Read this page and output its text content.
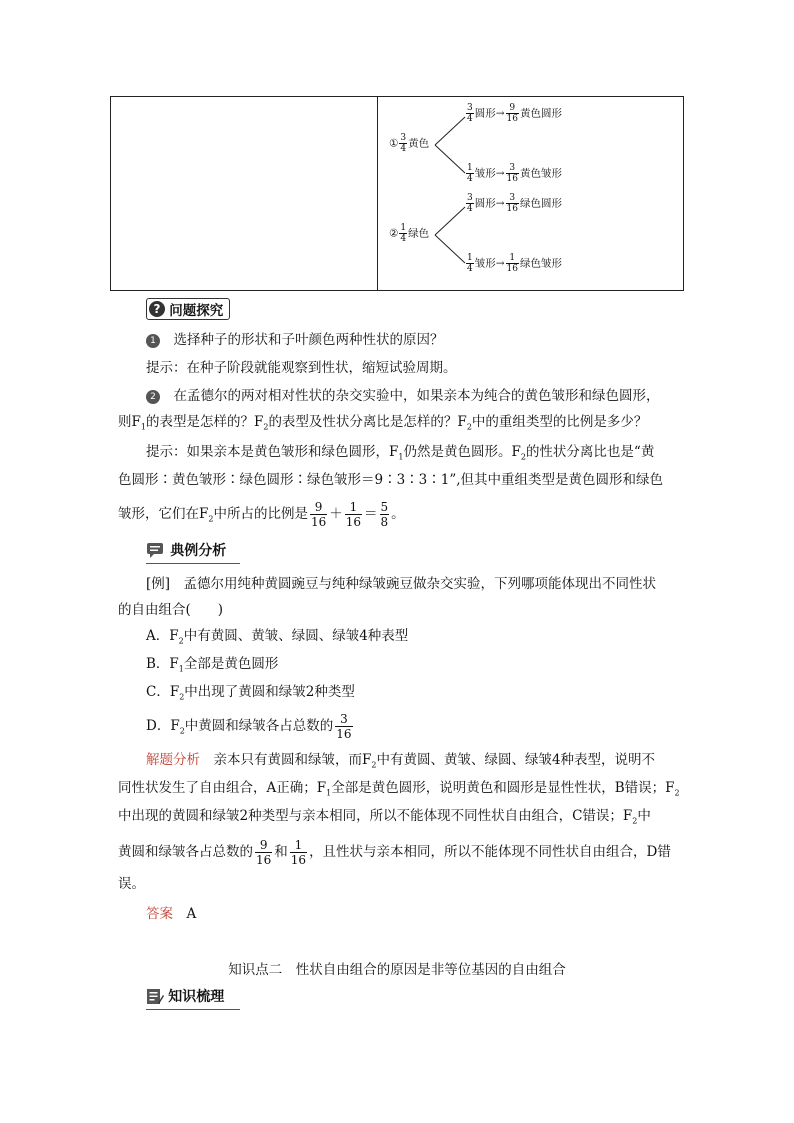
① $\frac{3}{4}$ 黄色
$\frac{3}{4}$ 圆形→ $\frac{9}{16}$ 黄色圆形
$\frac{1}{4}$ 皱形→ $\frac{3}{16}$ 黄色皱形
② $\frac{1}{4}$ 绿色
$\frac{3}{4}$ 圆形→ $\frac{3}{16}$ 绿色圆形
$\frac{1}{4}$ 皱形→ $\frac{1}{16}$ 绿色皱形
? 问题探究
1　 选择种子的形状和子叶颜色两种性状的原因？
提示：在种子阶段就能观察到性状，缩短试验周期。
2　 在孟德尔的两对相对性状的杂交实验中，如果亲本为纯合的黄色皱形和绿色圆形，
则$F_1$的表型是怎样的？$F_2$的表型及性状分离比是怎样的？$F_2$中的重组类型的比例是多少？
提示：如果亲本是黄色皱形和绿色圆形，$F_1$仍然是黄色圆形。$F_2$的性状分离比也是“黄
色圆形∶黄色皱形∶绿色圆形∶绿色皱形＝9∶3∶3∶1”,但其中重组类型是黄色圆形和绿色
皱形，它们在$F_2$中所占的比例是 $\frac{9}{16} + \frac{1}{16} = \frac{5}{8}$ 。
典例分析
[例]　孟德尔用纯种黄圆豌豆与纯种绿皱豌豆做杂交实验，下列哪项能体现出不同性状
的自由组合(　　)
A．$F_2$中有黄圆、黄皱、绿圆、绿皱4种表型
B．$F_1$全部是黄色圆形
C．$F_2$中出现了黄圆和绿皱2种类型
D．$F_2$中黄圆和绿皱各占总数的 $\frac{3}{16}$
解题分析　亲本只有黄圆和绿皱，而$F_2$中有黄圆、黄皱、绿圆、绿皱4种表型，说明不
同性状发生了自由组合，A正确；$F_1$全部是黄色圆形，说明黄色和圆形是显性性状，B错误；$F_2$
中出现的黄圆和绿皱2种类型与亲本相同，所以不能体现不同性状自由组合，C错误；$F_2$中
黄圆和绿皱各占总数的 $\frac{9}{16}$ 和 $\frac{1}{16}$ ，且性状与亲本相同，所以不能体现不同性状自由组合，D错
误。
答案　 A
知识点二　性状自由组合的原因是非等位基因的自由组合
知识梳理
